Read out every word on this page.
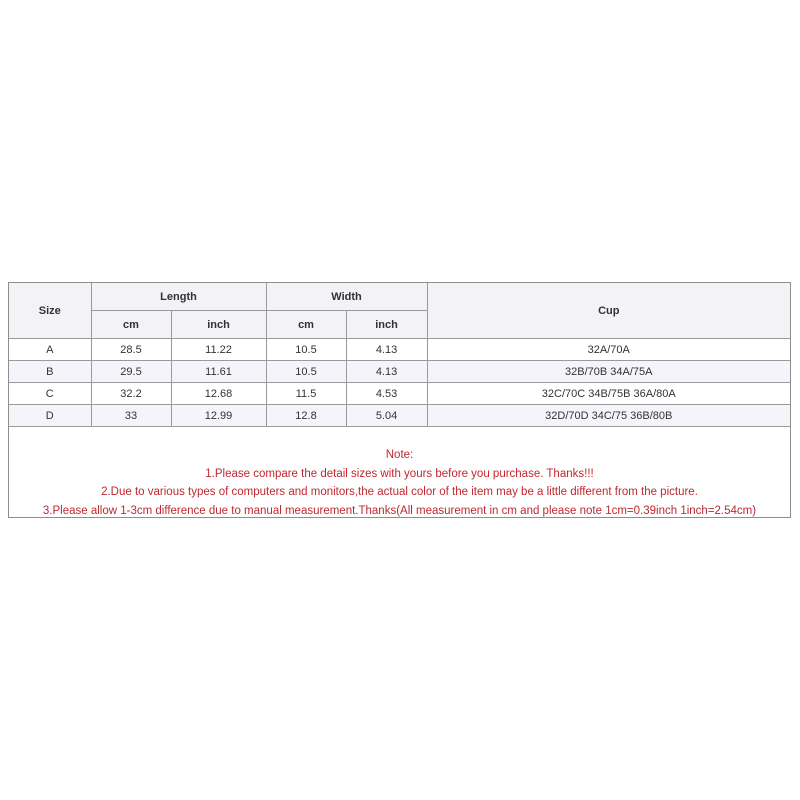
Size	Length		Width		Cup
	cm	inch	cm	inch	
A	28.5	11.22	10.5	4.13	32A/70A
B	29.5	11.61	10.5	4.13	32B/70B 34A/75A
C	32.2	12.68	11.5	4.53	32C/70C 34B/75B 36A/80A
D	33	12.99	12.8	5.04	32D/70D 34C/75 36B/80B
Note:
1.Please compare the detail sizes with yours before you purchase. Thanks!!!
2.Due to various types of computers and monitors,the actual color of the item may be a little different from the picture.
3.Please allow 1-3cm difference due to manual measurement.Thanks(All measurement in cm and please note 1cm=0.39inch 1inch=2.54cm)
